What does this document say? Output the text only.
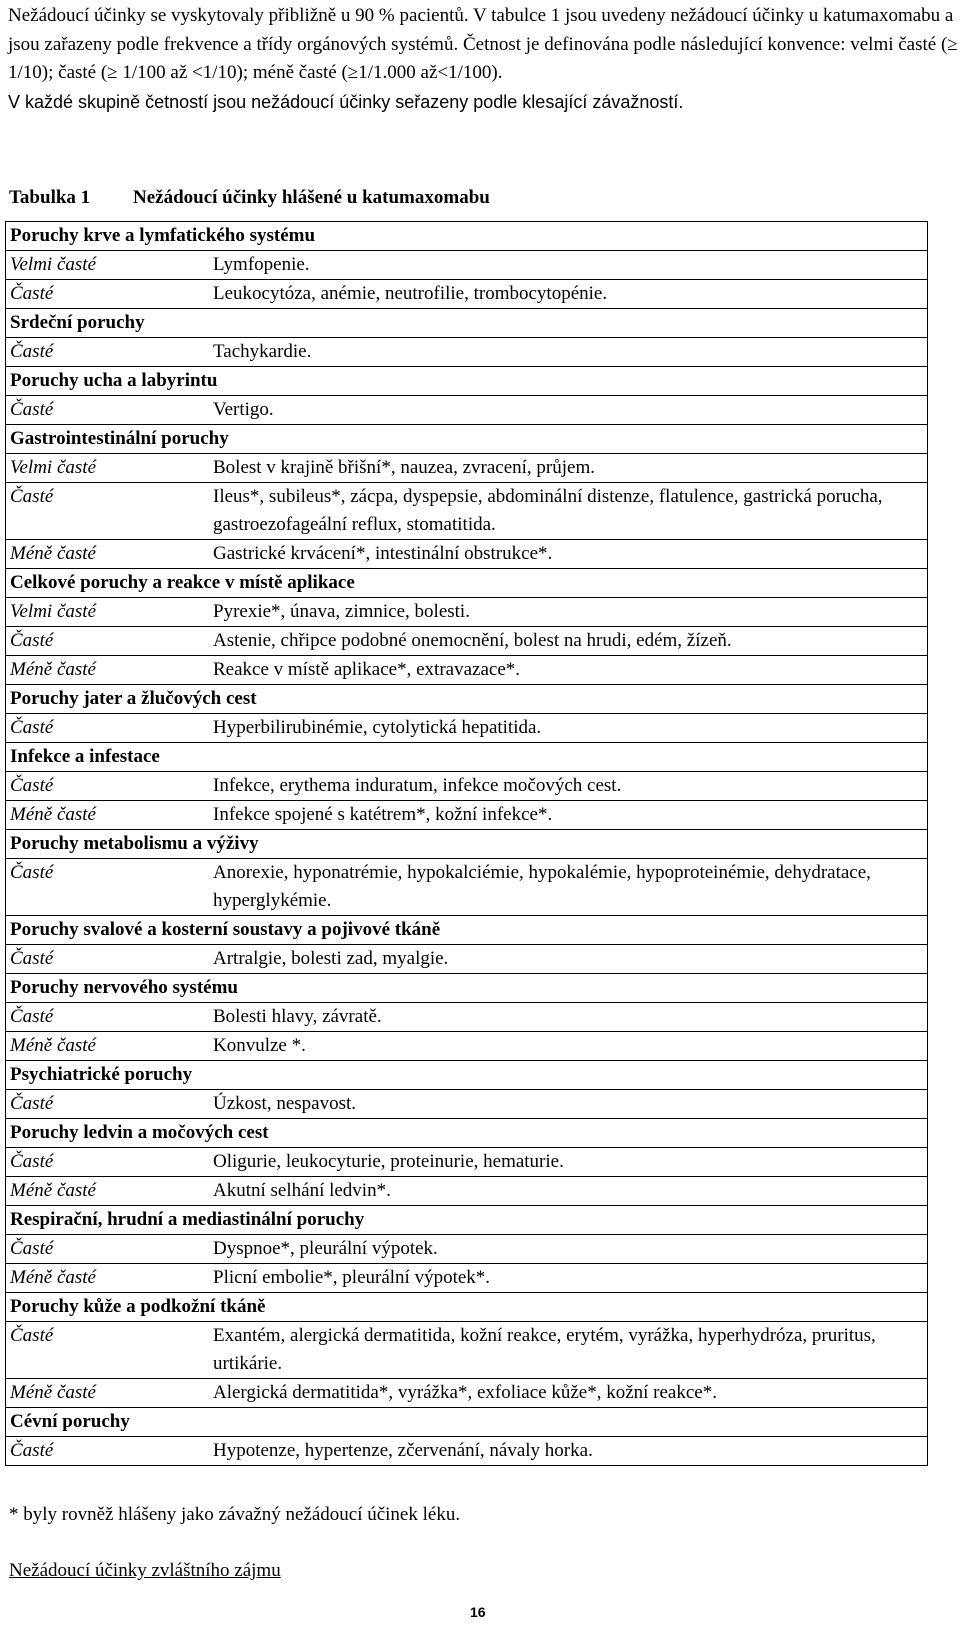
Nežádoucí účinky se vyskytovaly přibližně u 90 % pacientů. V tabulce 1 jsou uvedeny nežádoucí účinky u katumaxomabu a jsou zařazeny podle frekvence a třídy orgánových systémů. Četnost je definována podle následující konvence: velmi časté (≥ 1/10); časté (≥ 1/100 až <1/10); méně časté (≥1/1.000 až<1/100).

V každé skupině četností jsou nežádoucí účinky seřazeny podle klesající závažností.

Tabulka 1 Nežádoucí účinky hlášené u katumaxomabu
Poruchy krve a lymfatického systému	
Velmi časté	Lymfopenie.
Časté	Leukocytóza, anémie, neutrofilie, trombocytopénie.
Srdeční poruchy	
Časté	Tachykardie.
Poruchy ucha a labyrintu	
Časté	Vertigo.
Gastrointestinální poruchy	
Velmi časté	Bolest v krajině břišní*, nauzea, zvracení, průjem.
Časté	Ileus*, subileus*, zácpa, dyspepsie, abdominální distenze, flatulence, gastrická porucha, gastroezofageální reflux, stomatitida.
Méně časté	Gastrické krvácení*, intestinální obstrukce*.
Celkové poruchy a reakce v místě aplikace	
Velmi časté	Pyrexie*, únava, zimnice, bolesti.
Časté	Astenie, chřipce podobné onemocnění, bolest na hrudi, edém, žízeň.
Méně časté	Reakce v místě aplikace*, extravazace*.
Poruchy jater a žlučových cest	
Časté	Hyperbilirubinémie, cytolytická hepatitida.
Infekce a infestace	
Časté	Infekce, erythema induratum, infekce močových cest.
Méně časté	Infekce spojené s katétrem*, kožní infekce*.
Poruchy metabolismu a výživy	
Časté	Anorexie, hyponatrémie, hypokalciémie, hypokalémie, hypoproteinémie, dehydratace, hyperglykémie.
Poruchy svalové a kosterní soustavy a pojivové tkáně	
Časté	Artralgie, bolesti zad, myalgie.
Poruchy nervového systému	
Časté	Bolesti hlavy, závratě.
Méně časté	Konvulze *.
Psychiatrické poruchy	
Časté	Úzkost, nespavost.
Poruchy ledvin a močových cest	
Časté	Oligurie, leukocyturie, proteinurie, hematurie.
Méně časté	Akutní selhání ledvin*.
Respirační, hrudní a mediastinální poruchy	
Časté	Dyspnoe*, pleurální výpotek.
Méně časté	Plicní embolie*, pleurální výpotek*.
Poruchy kůže a podkožní tkáně	
Časté	Exantém, alergická dermatitida, kožní reakce, erytém, vyrážka, hyperhydróza, pruritus, urtikárie.
Méně časté	Alergická dermatitida*, vyrážka*, exfoliace kůže*, kožní reakce*.
Cévní poruchy	
Časté	Hypotenze, hypertenze, zčervenání, návaly horka.
* byly rovněž hlášeny jako závažný nežádoucí účinek léku.
Nežádoucí účinky zvláštního zájmu
16
